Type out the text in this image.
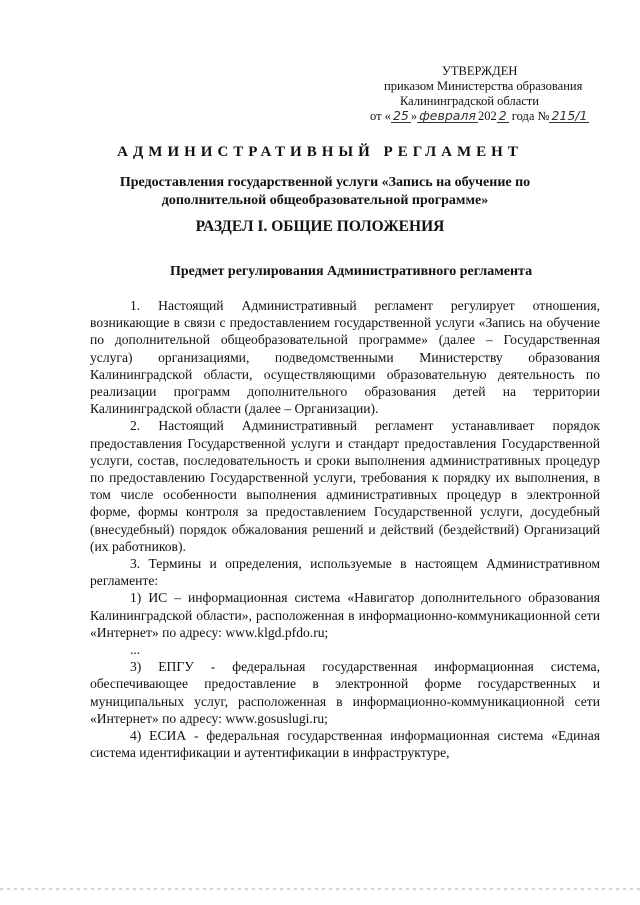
УТВЕРЖДЕН
приказом Министерства образования
Калининградской области
от « 25 » февраля 202 2 года № 215/1
АДМИНИСТРАТИВНЫЙ РЕГЛАМЕНТ
Предоставления государственной услуги «Запись на обучение по дополнительной общеобразовательной программе»
РАЗДЕЛ I. ОБЩИЕ ПОЛОЖЕНИЯ
Предмет регулирования Административного регламента

1. Настоящий Административный регламент регулирует отношения, возникающие в связи с предоставлением государственной услуги «Запись на обучение по дополнительной общеобразовательной программе» (далее – Государственная услуга) организациями, подведомственными Министерству образования Калининградской области, осуществляющими образовательную деятельность по реализации программ дополнительного образования детей на территории Калининградской области (далее – Организации).

2. Настоящий Административный регламент устанавливает порядок предоставления Государственной услуги и стандарт предоставления Государственной услуги, состав, последовательность и сроки выполнения административных процедур по предоставлению Государственной услуги, требования к порядку их выполнения, в том числе особенности выполнения административных процедур в электронной форме, формы контроля за предоставлением Государственной услуги, досудебный (внесудебный) порядок обжалования решений и действий (бездействий) Организаций (их работников).

3. Термины и определения, используемые в настоящем Административном регламенте:

1) ИС – информационная система «Навигатор дополнительного образования Калининградской области», расположенная в информационно-коммуникационной сети «Интернет» по адресу: www.klgd.pfdo.ru;

...

3) ЕПГУ - федеральная государственная информационная система, обеспечивающее предоставление в электронной форме государственных и муниципальных услуг, расположенная в информационно-коммуникационной сети «Интернет» по адресу: www.gosuslugi.ru;

4) ЕСИА - федеральная государственная информационная система «Единая система идентификации и аутентификации в инфраструктуре,
